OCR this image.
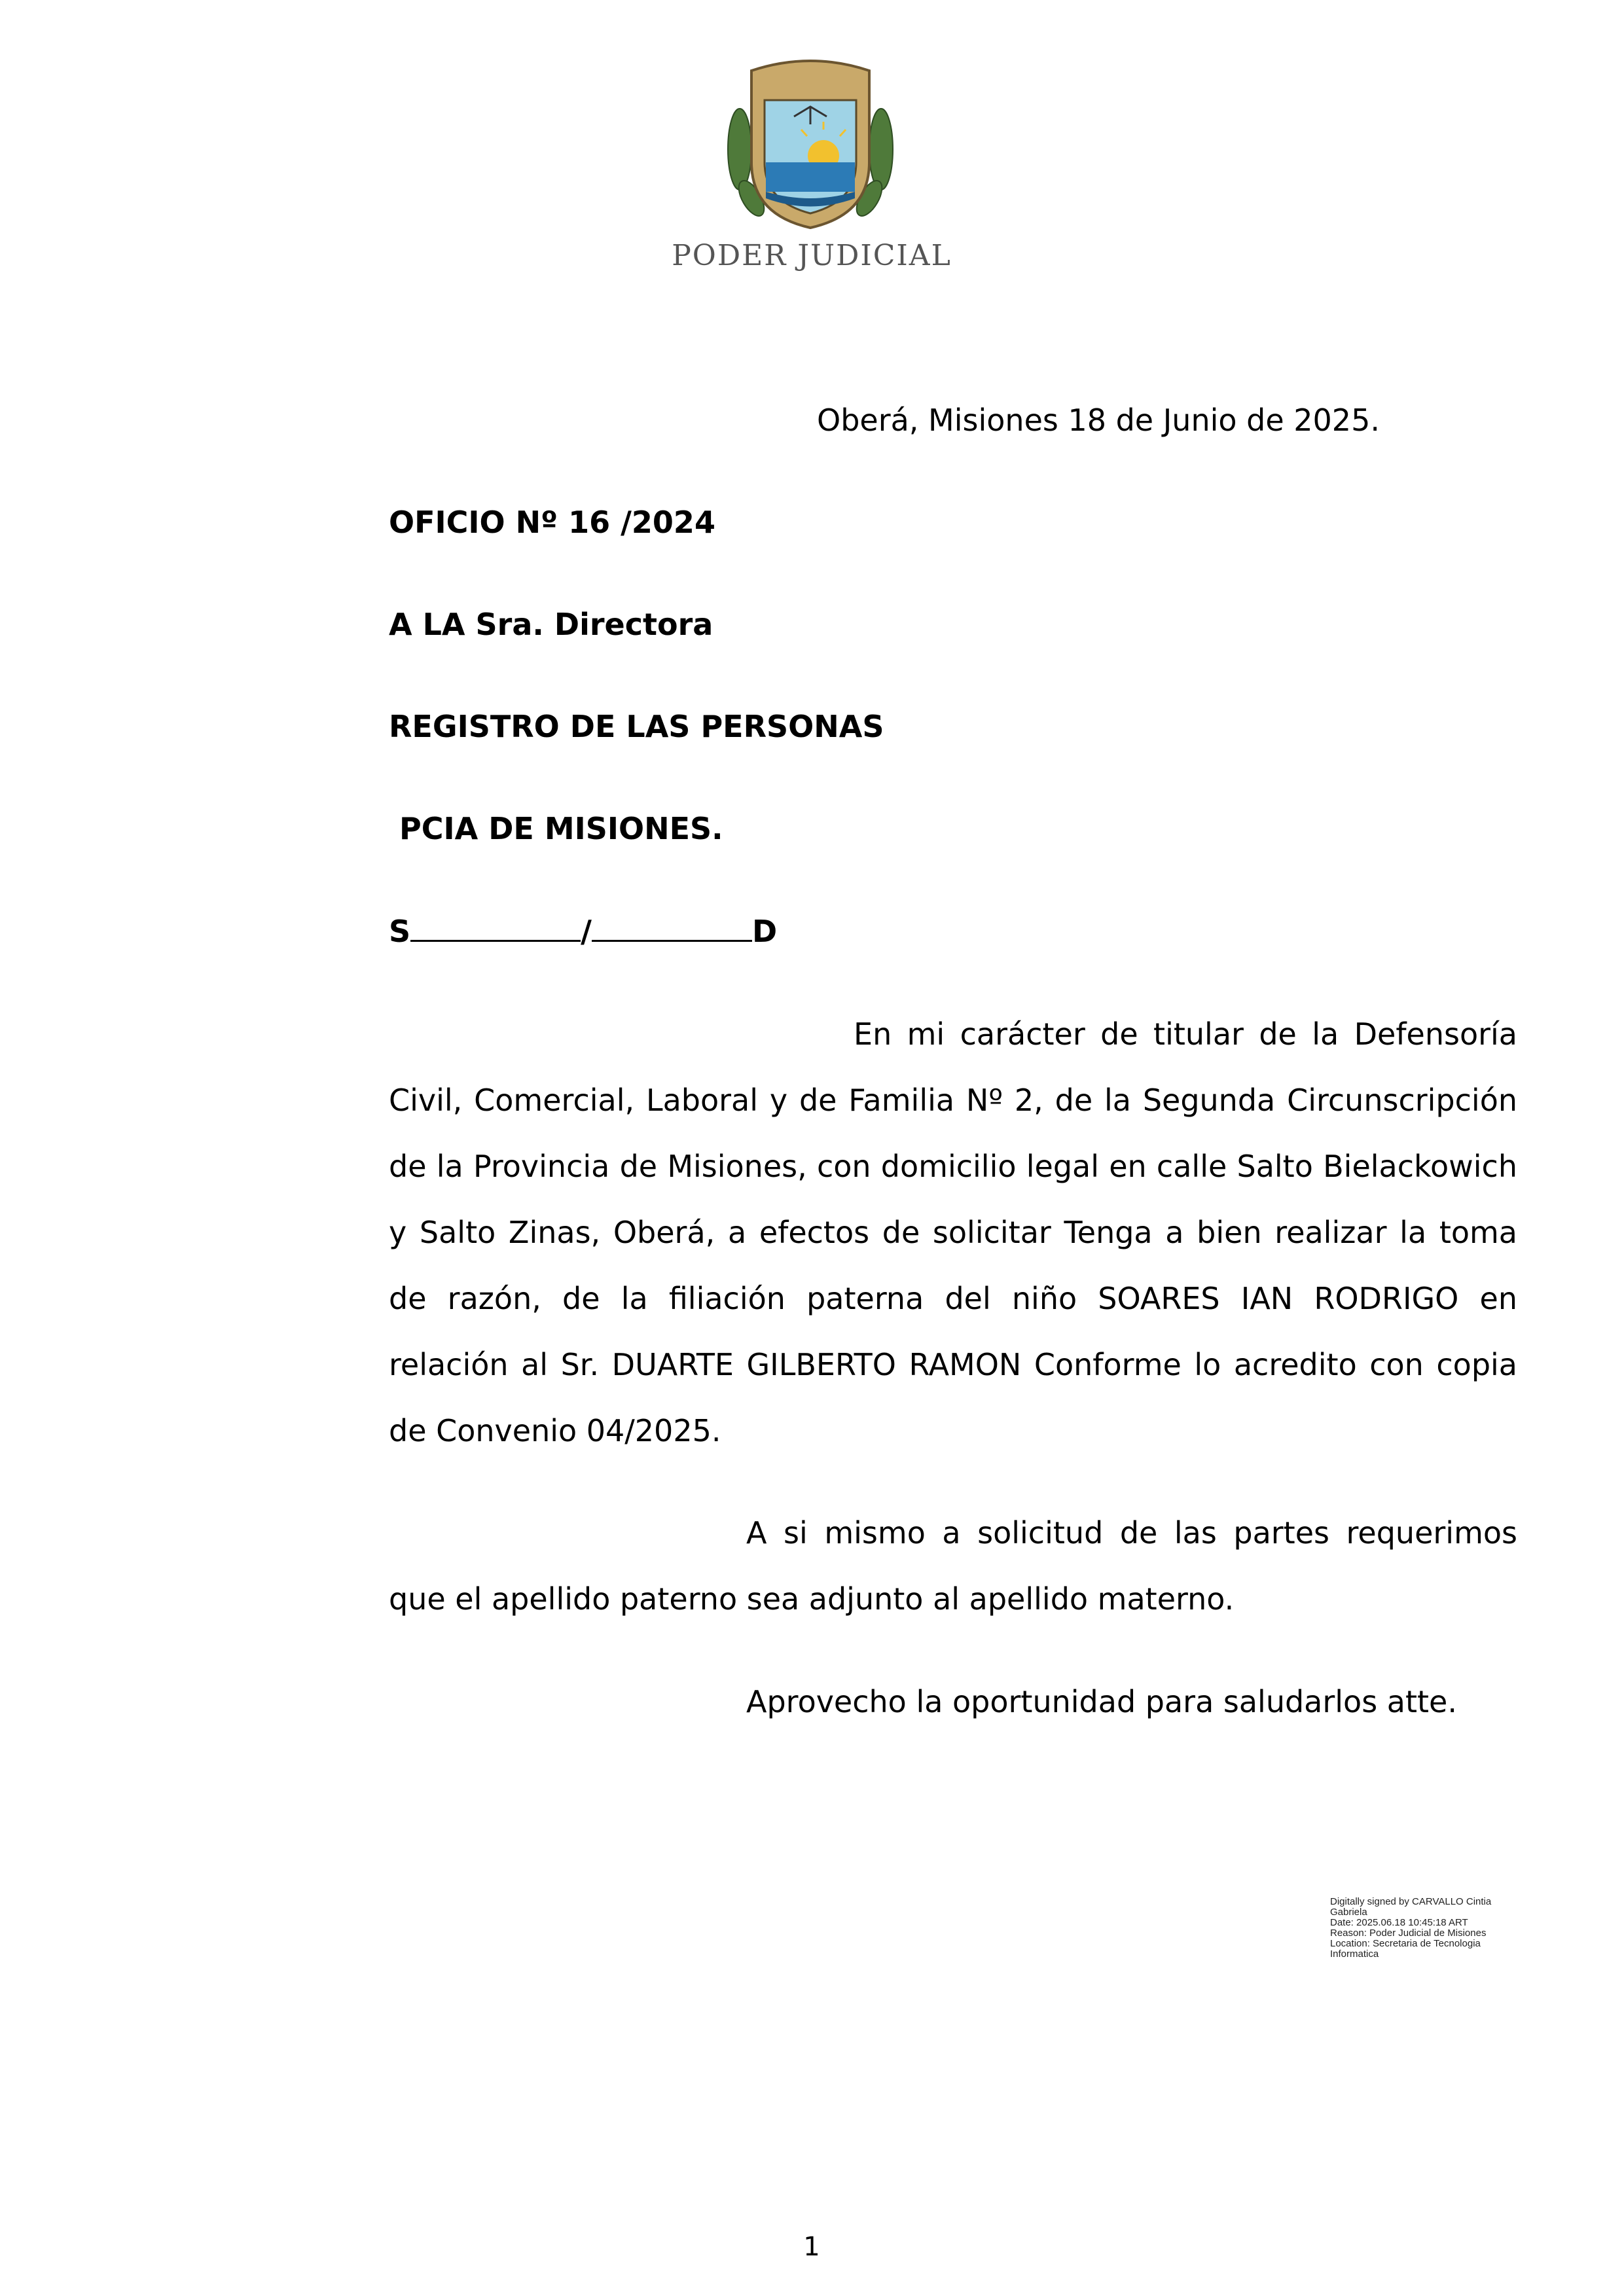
PODER JUDICIAL
Oberá, Misiones 18 de Junio de 2025.
OFICIO Nº 16 /2024
A LA Sra. Directora
REGISTRO DE LAS PERSONAS
PCIA DE MISIONES.
S	/	D

En mi carácter de titular de la Defensoría Civil, Comercial, Laboral y de Familia Nº 2, de la Segunda Circunscripción de la Provincia de Misiones, con domicilio legal en calle Salto Bielackowich y Salto Zinas, Oberá, a efectos de solicitar Tenga a bien realizar la toma de razón, de la filiación paterna del niño SOARES IAN RODRIGO en relación al Sr. DUARTE GILBERTO RAMON Conforme lo acredito con copia de Convenio 04/2025.

A si mismo a solicitud de las partes requerimos que el apellido paterno sea adjunto al apellido materno.

Aprovecho la oportunidad para saludarlos atte.
Digitally signed by CARVALLO Cintia Gabriela
Date: 2025.06.18 10:45:18 ART
Reason: Poder Judicial de Misiones
Location: Secretaria de Tecnologia Informatica
1
